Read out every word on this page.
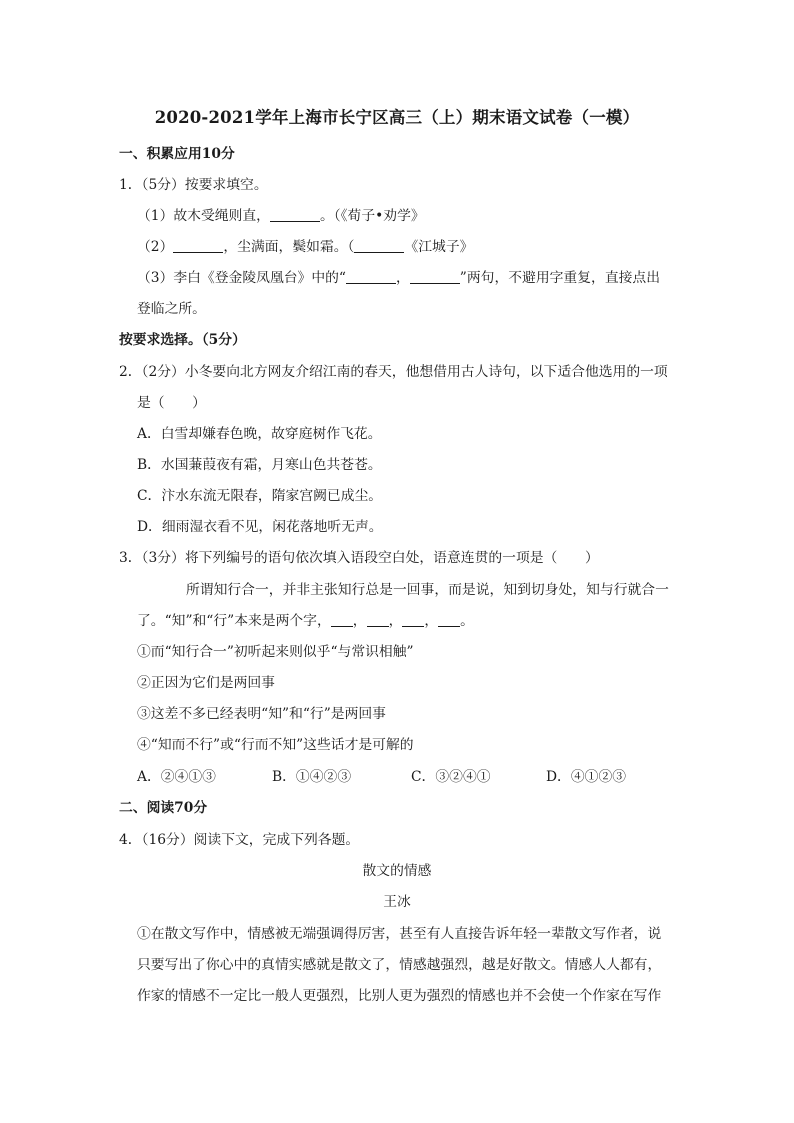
2020-2021学年上海市长宁区高三（上）期末语文试卷（一模）
一、积累应用10分
1．（5分）按要求填空。
（1）故木受绳则直，	。（《荀子•劝学》
（2）	，尘满面，鬓如霜。（	《江城子》
（3）李白《登金陵凤凰台》中的“	，	”两句，不避用字重复，直接点出
登临之所。
按要求选择。（5分）
2．（2分）小冬要向北方网友介绍江南的春天，他想借用古人诗句，以下适合他选用的一项
是（　　）
A．白雪却嫌春色晚，故穿庭树作飞花。
B．水国蒹葭夜有霜，月寒山色共苍苍。
C．汴水东流无限春，隋家宫阙已成尘。
D．细雨湿衣看不见，闲花落地听无声。
3．（3分）将下列编号的语句依次填入语段空白处，语意连贯的一项是（　　）
所谓知行合一，并非主张知行总是一回事，而是说，知到切身处，知与行就合一
了。“知”和“行”本来是两个字， ， ， ， 。
①而“知行合一”初听起来则似乎“与常识相触”
②正因为它们是两回事
③这差不多已经表明“知”和“行”是两回事
④“知而不行”或“行而不知”这些话才是可解的
A．②④①③	B．①④②③	C．③②④①	D．④①②③
二、阅读70分
4．（16分）阅读下文，完成下列各题。
散文的情感
王冰
①在散文写作中，情感被无端强调得厉害，甚至有人直接告诉年轻一辈散文写作者，说
只要写出了你心中的真情实感就是散文了，情感越强烈，越是好散文。情感人人都有，
作家的情感不一定比一般人更强烈，比别人更为强烈的情感也并不会使一个作家在写作
